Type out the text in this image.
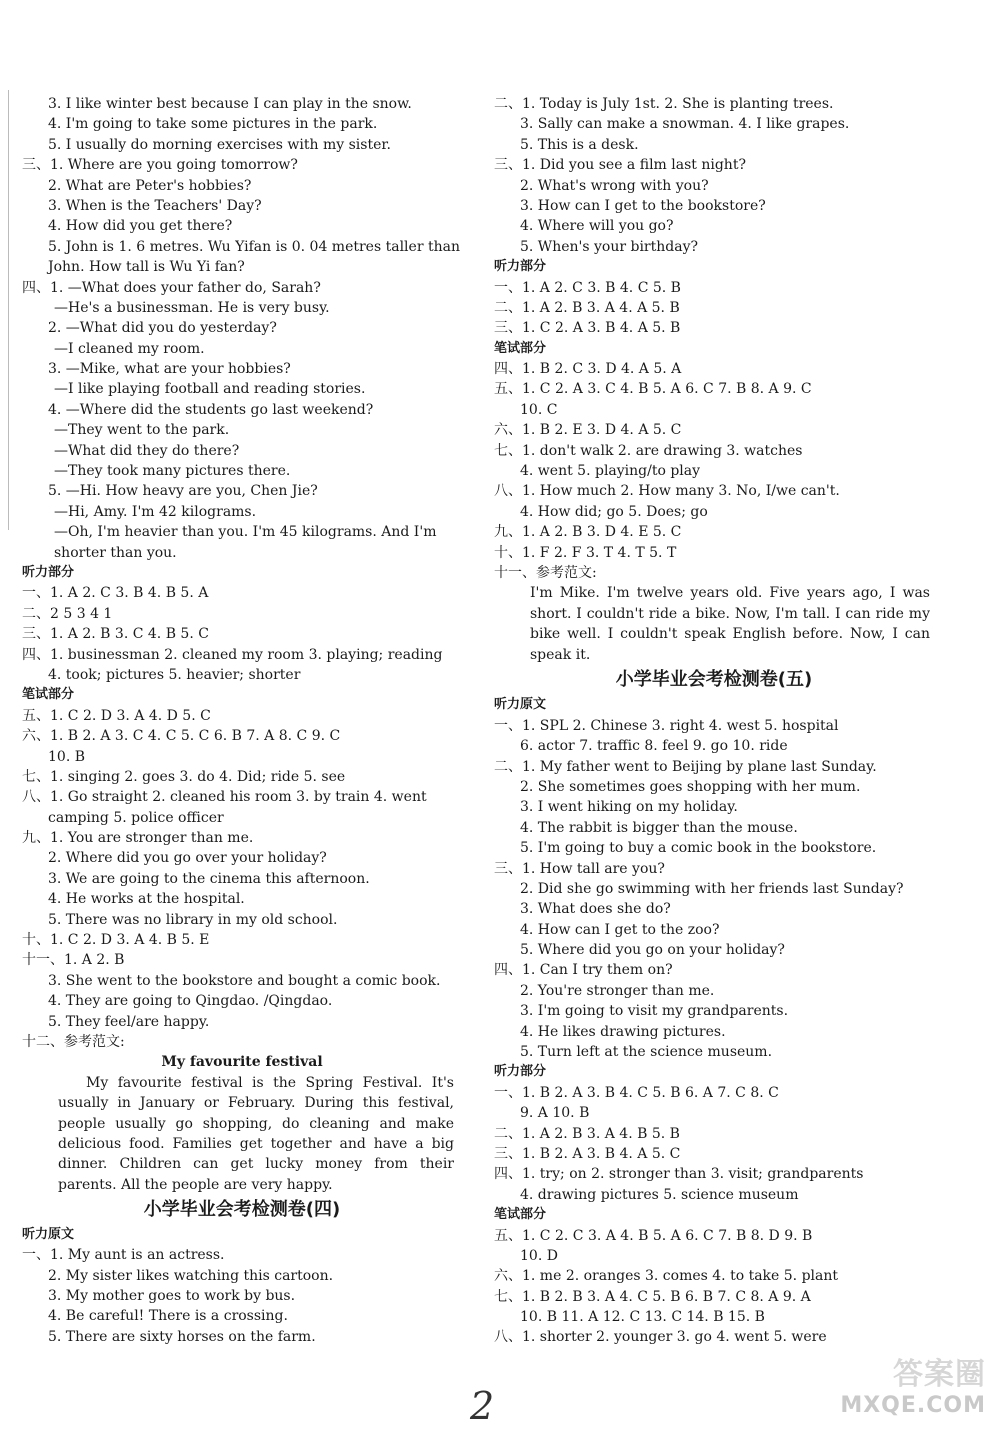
3. I like winter best because I can play in the snow.
4. I'm going to take some pictures in the park.
5. I usually do morning exercises with my sister.
三、1. Where are you going tomorrow?
2. What are Peter's hobbies?
3. When is the Teachers' Day?
4. How did you get there?
5. John is 1. 6 metres. Wu Yifan is 0. 04 metres taller than
John. How tall is Wu Yi fan?
四、1. —What does your father do, Sarah?
—He's a businessman. He is very busy.
2. —What did you do yesterday?
—I cleaned my room.
3. —Mike, what are your hobbies?
—I like playing football and reading stories.
4. —Where did the students go last weekend?
—They went to the park.
—What did they do there?
—They took many pictures there.
5. —Hi. How heavy are you, Chen Jie?
—Hi, Amy. I'm 42 kilograms.
—Oh, I'm heavier than you. I'm 45 kilograms. And I'm
shorter than you.
听力部分
一、1. A 2. C 3. B 4. B 5. A
二、2 5 3 4 1
三、1. A 2. B 3. C 4. B 5. C
四、1. businessman 2. cleaned my room 3. playing; reading
4. took; pictures 5. heavier; shorter
笔试部分
五、1. C 2. D 3. A 4. D 5. C
六、1. B 2. A 3. C 4. C 5. C 6. B 7. A 8. C 9. C
10. B
七、1. singing 2. goes 3. do 4. Did; ride 5. see
八、1. Go straight 2. cleaned his room 3. by train 4. went
camping 5. police officer
九、1. You are stronger than me.
2. Where did you go over your holiday?
3. We are going to the cinema this afternoon.
4. He works at the hospital.
5. There was no library in my old school.
十、1. C 2. D 3. A 4. B 5. E
十一、1. A 2. B
3. She went to the bookstore and bought a comic book.
4. They are going to Qingdao. /Qingdao.
5. They feel/are happy.
十二、参考范文:
My favourite festival
My favourite festival is the Spring Festival. It's usually in January or February. During this festival, people usually go shopping, do cleaning and make delicious food. Families get together and have a big dinner. Children can get lucky money from their parents. All the people are very happy.
小学毕业会考检测卷(四)
听力原文
一、1. My aunt is an actress.
2. My sister likes watching this cartoon.
3. My mother goes to work by bus.
4. Be careful! There is a crossing.
5. There are sixty horses on the farm.
二、1. Today is July 1st. 2. She is planting trees.
3. Sally can make a snowman. 4. I like grapes.
5. This is a desk.
三、1. Did you see a film last night?
2. What's wrong with you?
3. How can I get to the bookstore?
4. Where will you go?
5. When's your birthday?
听力部分
一、1. A 2. C 3. B 4. C 5. B
二、1. A 2. B 3. A 4. A 5. B
三、1. C 2. A 3. B 4. A 5. B
笔试部分
四、1. B 2. C 3. D 4. A 5. A
五、1. C 2. A 3. C 4. B 5. A 6. C 7. B 8. A 9. C
10. C
六、1. B 2. E 3. D 4. A 5. C
七、1. don't walk 2. are drawing 3. watches
4. went 5. playing/to play
八、1. How much 2. How many 3. No, I/we can't.
4. How did; go 5. Does; go
九、1. A 2. B 3. D 4. E 5. C
十、1. F 2. F 3. T 4. T 5. T
十一、参考范文:
I'm Mike. I'm twelve years old. Five years ago, I was short. I couldn't ride a bike. Now, I'm tall. I can ride my bike well. I couldn't speak English before. Now, I can speak it.
小学毕业会考检测卷(五)
听力原文
一、1. SPL 2. Chinese 3. right 4. west 5. hospital
6. actor 7. traffic 8. feel 9. go 10. ride
二、1. My father went to Beijing by plane last Sunday.
2. She sometimes goes shopping with her mum.
3. I went hiking on my holiday.
4. The rabbit is bigger than the mouse.
5. I'm going to buy a comic book in the bookstore.
三、1. How tall are you?
2. Did she go swimming with her friends last Sunday?
3. What does she do?
4. How can I get to the zoo?
5. Where did you go on your holiday?
四、1. Can I try them on?
2. You're stronger than me.
3. I'm going to visit my grandparents.
4. He likes drawing pictures.
5. Turn left at the science museum.
听力部分
一、1. B 2. A 3. B 4. C 5. B 6. A 7. C 8. C
9. A 10. B
二、1. A 2. B 3. A 4. B 5. B
三、1. B 2. A 3. B 4. A 5. C
四、1. try; on 2. stronger than 3. visit; grandparents
4. drawing pictures 5. science museum
笔试部分
五、1. C 2. C 3. A 4. B 5. A 6. C 7. B 8. D 9. B
10. D
六、1. me 2. oranges 3. comes 4. to take 5. plant
七、1. B 2. B 3. A 4. C 5. B 6. B 7. C 8. A 9. A
10. B 11. A 12. C 13. C 14. B 15. B
八、1. shorter 2. younger 3. go 4. went 5. were
2
答案圈
MXQE.COM
